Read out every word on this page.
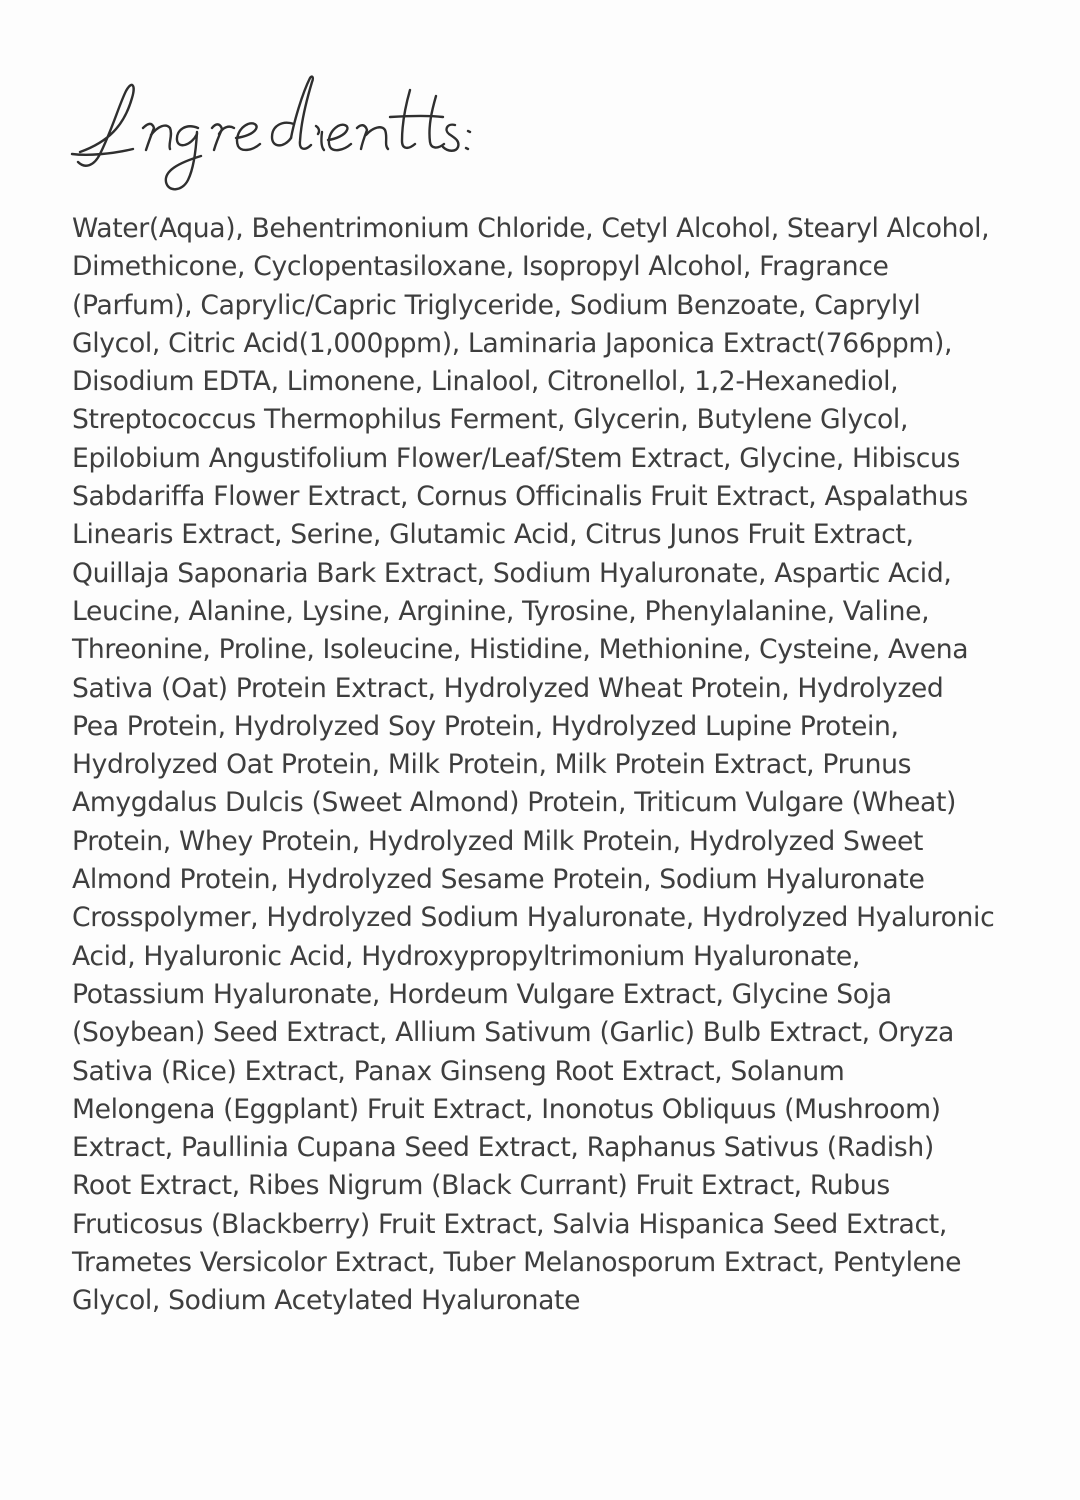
Water(Aqua), Behentrimonium Chloride, Cetyl Alcohol, Stearyl Alcohol,
Dimethicone, Cyclopentasiloxane, Isopropyl Alcohol, Fragrance
(Parfum), Caprylic/Capric Triglyceride, Sodium Benzoate, Caprylyl
Glycol, Citric Acid(1,000ppm), Laminaria Japonica Extract(766ppm),
Disodium EDTA, Limonene, Linalool, Citronellol, 1,2-Hexanediol,
Streptococcus Thermophilus Ferment, Glycerin, Butylene Glycol,
Epilobium Angustifolium Flower/Leaf/Stem Extract, Glycine, Hibiscus
Sabdariffa Flower Extract, Cornus Officinalis Fruit Extract, Aspalathus
Linearis Extract, Serine, Glutamic Acid, Citrus Junos Fruit Extract,
Quillaja Saponaria Bark Extract, Sodium Hyaluronate, Aspartic Acid,
Leucine, Alanine, Lysine, Arginine, Tyrosine, Phenylalanine, Valine,
Threonine, Proline, Isoleucine, Histidine, Methionine, Cysteine, Avena
Sativa (Oat) Protein Extract, Hydrolyzed Wheat Protein, Hydrolyzed
Pea Protein, Hydrolyzed Soy Protein, Hydrolyzed Lupine Protein,
Hydrolyzed Oat Protein, Milk Protein, Milk Protein Extract, Prunus
Amygdalus Dulcis (Sweet Almond) Protein, Triticum Vulgare (Wheat)
Protein, Whey Protein, Hydrolyzed Milk Protein, Hydrolyzed Sweet
Almond Protein, Hydrolyzed Sesame Protein, Sodium Hyaluronate
Crosspolymer, Hydrolyzed Sodium Hyaluronate, Hydrolyzed Hyaluronic
Acid, Hyaluronic Acid, Hydroxypropyltrimonium Hyaluronate,
Potassium Hyaluronate, Hordeum Vulgare Extract, Glycine Soja
(Soybean) Seed Extract, Allium Sativum (Garlic) Bulb Extract, Oryza
Sativa (Rice) Extract, Panax Ginseng Root Extract, Solanum
Melongena (Eggplant) Fruit Extract, Inonotus Obliquus (Mushroom)
Extract, Paullinia Cupana Seed Extract, Raphanus Sativus (Radish)
Root Extract, Ribes Nigrum (Black Currant) Fruit Extract, Rubus
Fruticosus (Blackberry) Fruit Extract, Salvia Hispanica Seed Extract,
Trametes Versicolor Extract, Tuber Melanosporum Extract, Pentylene
Glycol, Sodium Acetylated Hyaluronate
